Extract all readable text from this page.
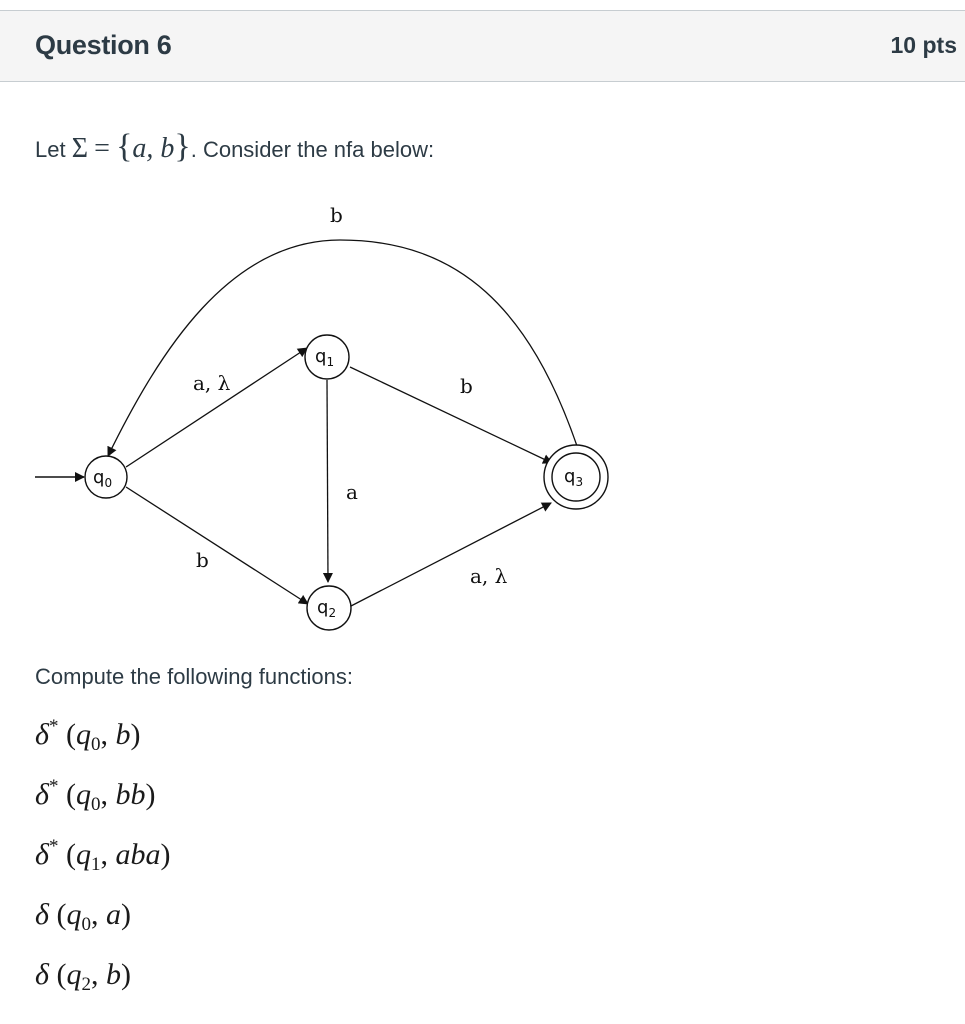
Question 6	10 pts
Let Σ = {a, b}. Consider the nfa below:
a, λ
b
b
a
a, λ
b
$q_0$
$q_1$
$q_2$
$q_3$
Compute the following functions:
δ* ($q_0$, b)
δ* ($q_0$, bb)
δ* ($q_1$, aba)
δ ($q_0$, a)
δ ($q_2$, b)
